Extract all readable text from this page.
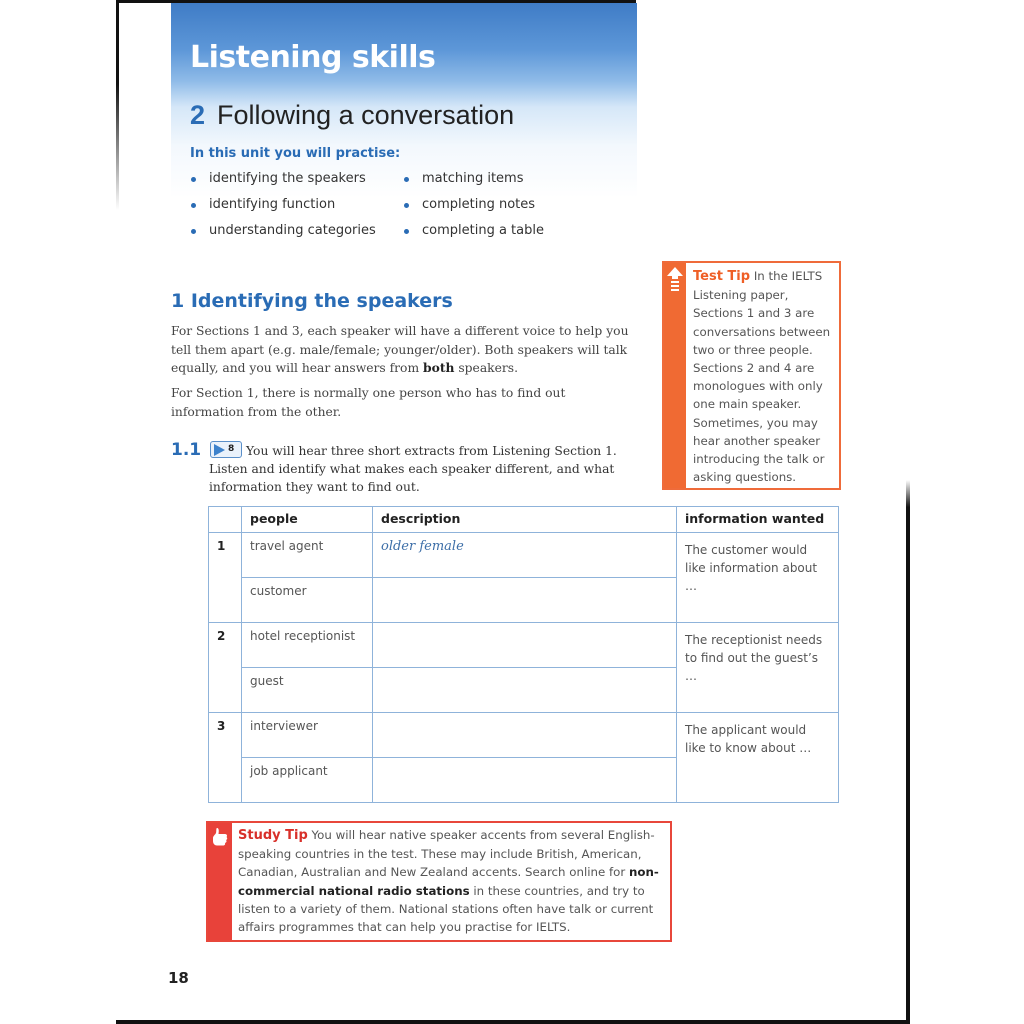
Listening skills
2 Following a conversation
In this unit you will practise:
identifying the speakers
identifying function
understanding categories
matching items
completing notes
completing a table
1 Identifying the speakers
For Sections 1 and 3, each speaker will have a different voice to help you tell them apart (e.g. male/female; younger/older). Both speakers will talk equally, and you will hear answers from both speakers.
For Section 1, there is normally one person who has to find out information from the other.
1.1	8 You will hear three short extracts from Listening Section 1. Listen and identify what makes each speaker different, and what information they want to find out.
	people	description	information wanted
1	travel agent	older female	The customer would like information about …
	customer		
2	hotel receptionist		The receptionist needs to find out the guest’s …
	guest		
3	interviewer		The applicant would like to know about …
	job applicant		
Test Tip In the IELTS Listening paper, Sections 1 and 3 are conversations between two or three people. Sections 2 and 4 are monologues with only one main speaker. Sometimes, you may hear another speaker introducing the talk or asking questions.
Study Tip You will hear native speaker accents from several English-speaking countries in the test. These may include British, American, Canadian, Australian and New Zealand accents. Search online for non-commercial national radio stations in these countries, and try to listen to a variety of them. National stations often have talk or current affairs programmes that can help you practise for IELTS.
18
